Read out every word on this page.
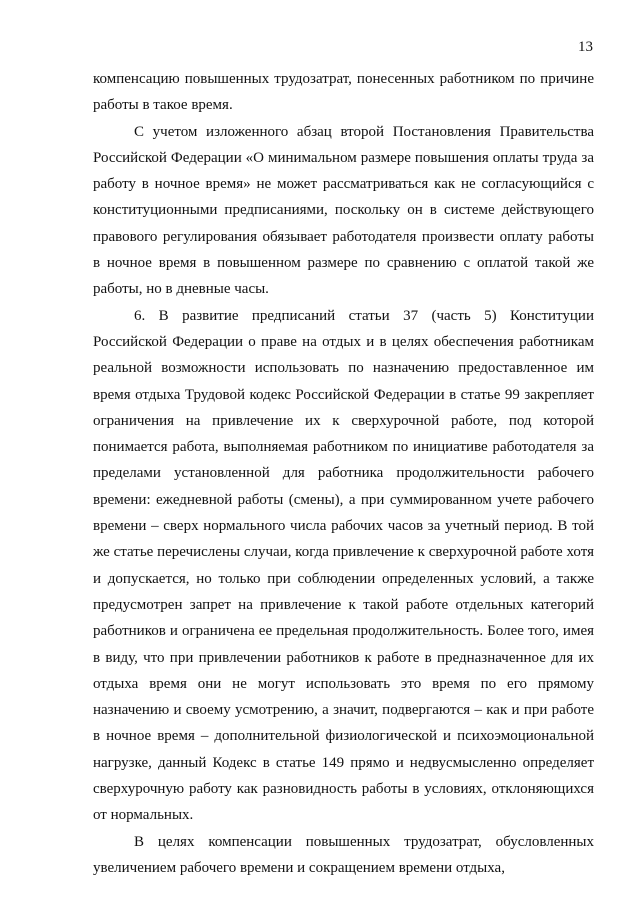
13

компенсацию повышенных трудозатрат, понесенных работником по причине работы в такое время.

С учетом изложенного абзац второй Постановления Правительства Российской Федерации «О минимальном размере повышения оплаты труда за работу в ночное время» не может рассматриваться как не согласующийся с конституционными предписаниями, поскольку он в системе действующего правового регулирования обязывает работодателя произвести оплату работы в ночное время в повышенном размере по сравнению с оплатой такой же работы, но в дневные часы.

6. В развитие предписаний статьи 37 (часть 5) Конституции Российской Федерации о праве на отдых и в целях обеспечения работникам реальной возможности использовать по назначению предоставленное им время отдыха Трудовой кодекс Российской Федерации в статье 99 закрепляет ограничения на привлечение их к сверхурочной работе, под которой понимается работа, выполняемая работником по инициативе работодателя за пределами установленной для работника продолжительности рабочего времени: ежедневной работы (смены), а при суммированном учете рабочего времени – сверх нормального числа рабочих часов за учетный период. В той же статье перечислены случаи, когда привлечение к сверхурочной работе хотя и допускается, но только при соблюдении определенных условий, а также предусмотрен запрет на привлечение к такой работе отдельных категорий работников и ограничена ее предельная продолжительность. Более того, имея в виду, что при привлечении работников к работе в предназначенное для их отдыха время они не могут использовать это время по его прямому назначению и своему усмотрению, а значит, подвергаются – как и при работе в ночное время – дополнительной физиологической и психоэмоциональной нагрузке, данный Кодекс в статье 149 прямо и недвусмысленно определяет сверхурочную работу как разновидность работы в условиях, отклоняющихся от нормальных.

В целях компенсации повышенных трудозатрат, обусловленных увеличением рабочего времени и сокращением времени отдыха,
